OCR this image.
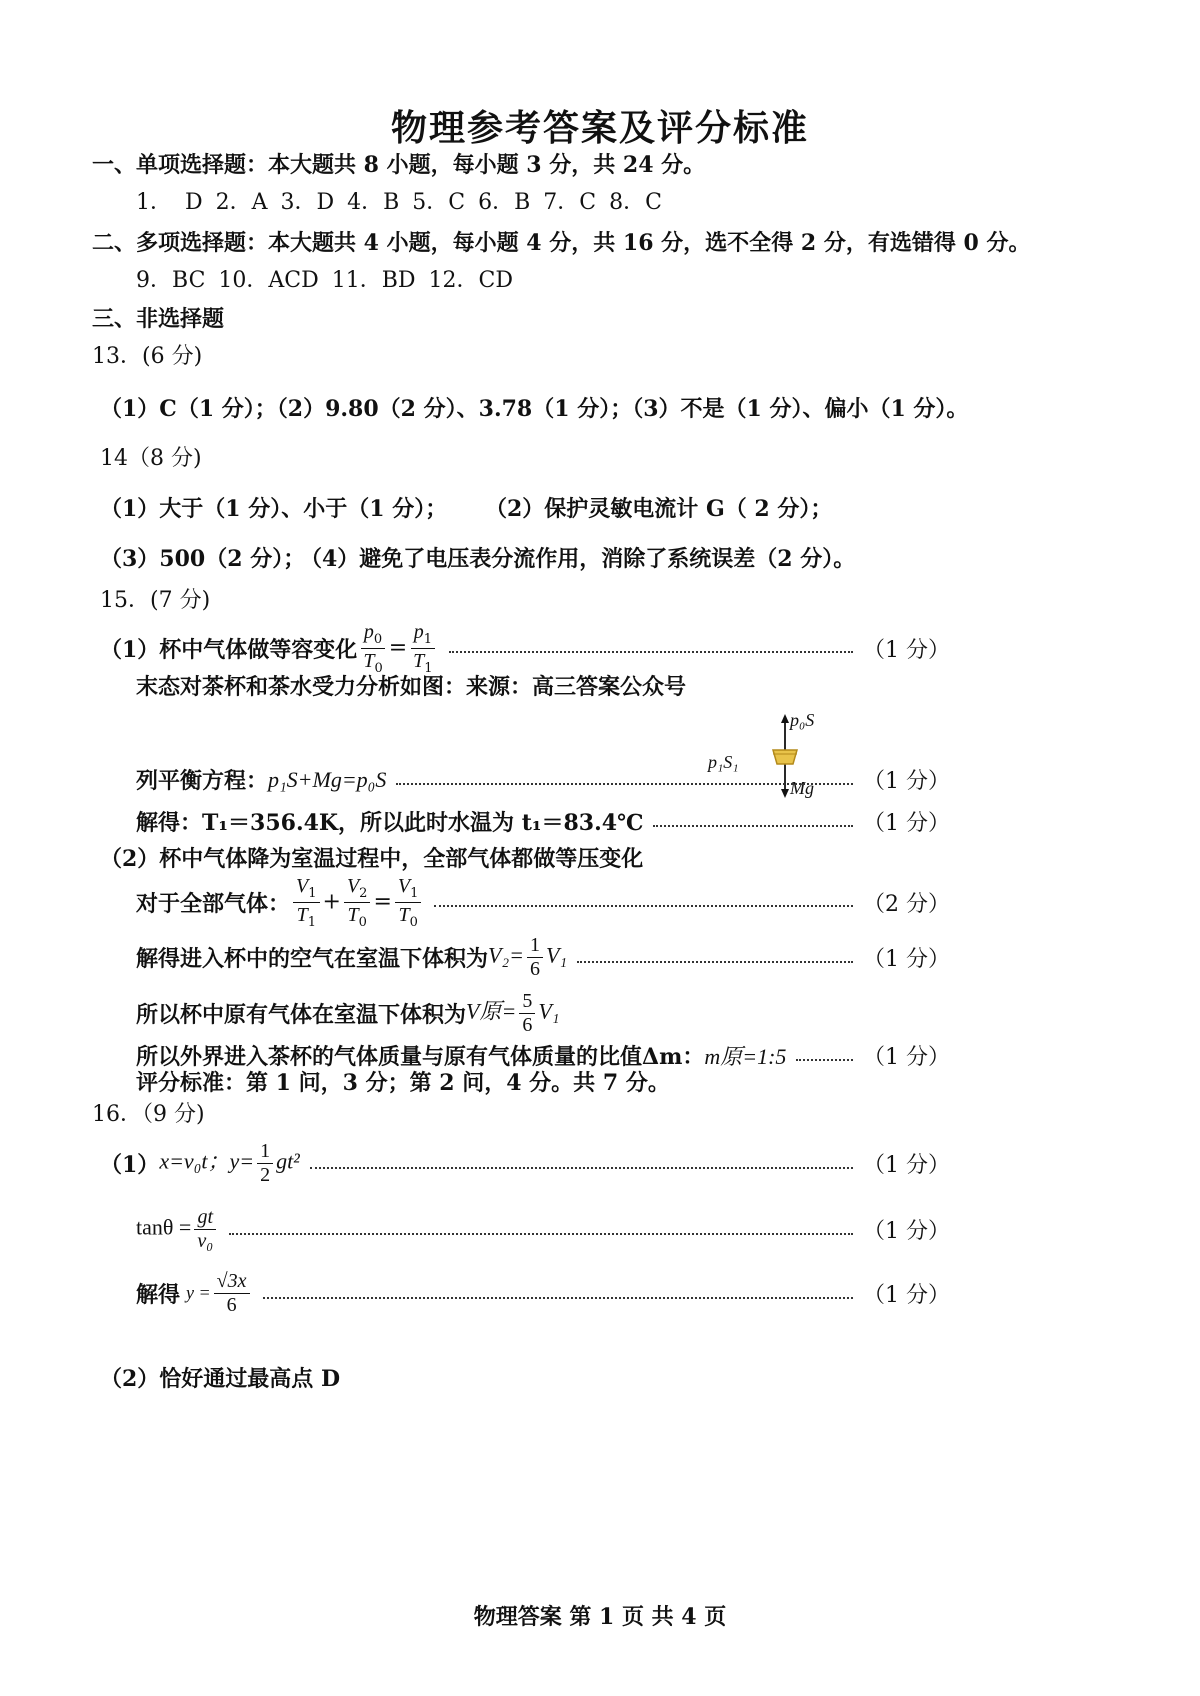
物理参考答案及评分标准
一、单项选择题：本大题共 8 小题，每小题 3 分，共 24 分。
1． D 2．A 3．D 4．B 5．C 6．B 7．C 8．C
二、多项选择题：本大题共 4 小题，每小题 4 分，共 16 分，选不全得 2 分，有选错得 0 分。
9．BC 10．ACD 11．BD 12．CD
三、非选择题
13．(6 分)
（1）C（1 分）；（2）9.80（2 分）、3.78（1 分）；（3）不是（1 分）、偏小（1 分）。
14（8 分)
（1）大于（1 分）、小于（1 分）； （2）保护灵敏电流计 G（ 2 分）；
（3）500（2 分）；
（4）避免了电压表分流作用，消除了系统误差（2 分）。
15．(7 分)
（1）杯中气体做等容变化 $\frac{p_0}{T_0} = \frac{p_1}{T_1}$	（1 分）
末态对茶杯和茶水受力分析如图：来源：高三答案公众号
p₀S
p₁S₁
Mg
列平衡方程： p₁S+Mg=p₀S	（1 分）
解得： T₁＝356.4K，所以此时水温为 t₁＝83.4℃	（1 分）
（2）杯中气体降为室温过程中，全部气体都做等压变化
对于全部气体： $\frac{V_1}{T_1} + \frac{V_2}{T_0} = \frac{V_1}{T_0}$	（2 分）
解得进入杯中的空气在室温下体积为 $V_2= \frac{1}{6} V_1$	（1 分）
所以杯中原有气体在室温下体积为 V原= $\frac{5}{6} V_1$
所以外界进入茶杯的气体质量与原有气体质量的比值Δm： m原=1:5	（1 分）
评分标准：第 1 问，3 分；第 2 问，4 分。共 7 分。
16．（9 分)
（1） x=v₀t；$y= \frac{1}{2} gt^2$	（1 分）
$\tan\theta = \frac{gt}{\text{v₀}}$	（1 分）
解得 $y = \frac{√3x}{6}$	（1 分）
（2）恰好通过最高点 D
物理答案 第 1 页 共 4 页
